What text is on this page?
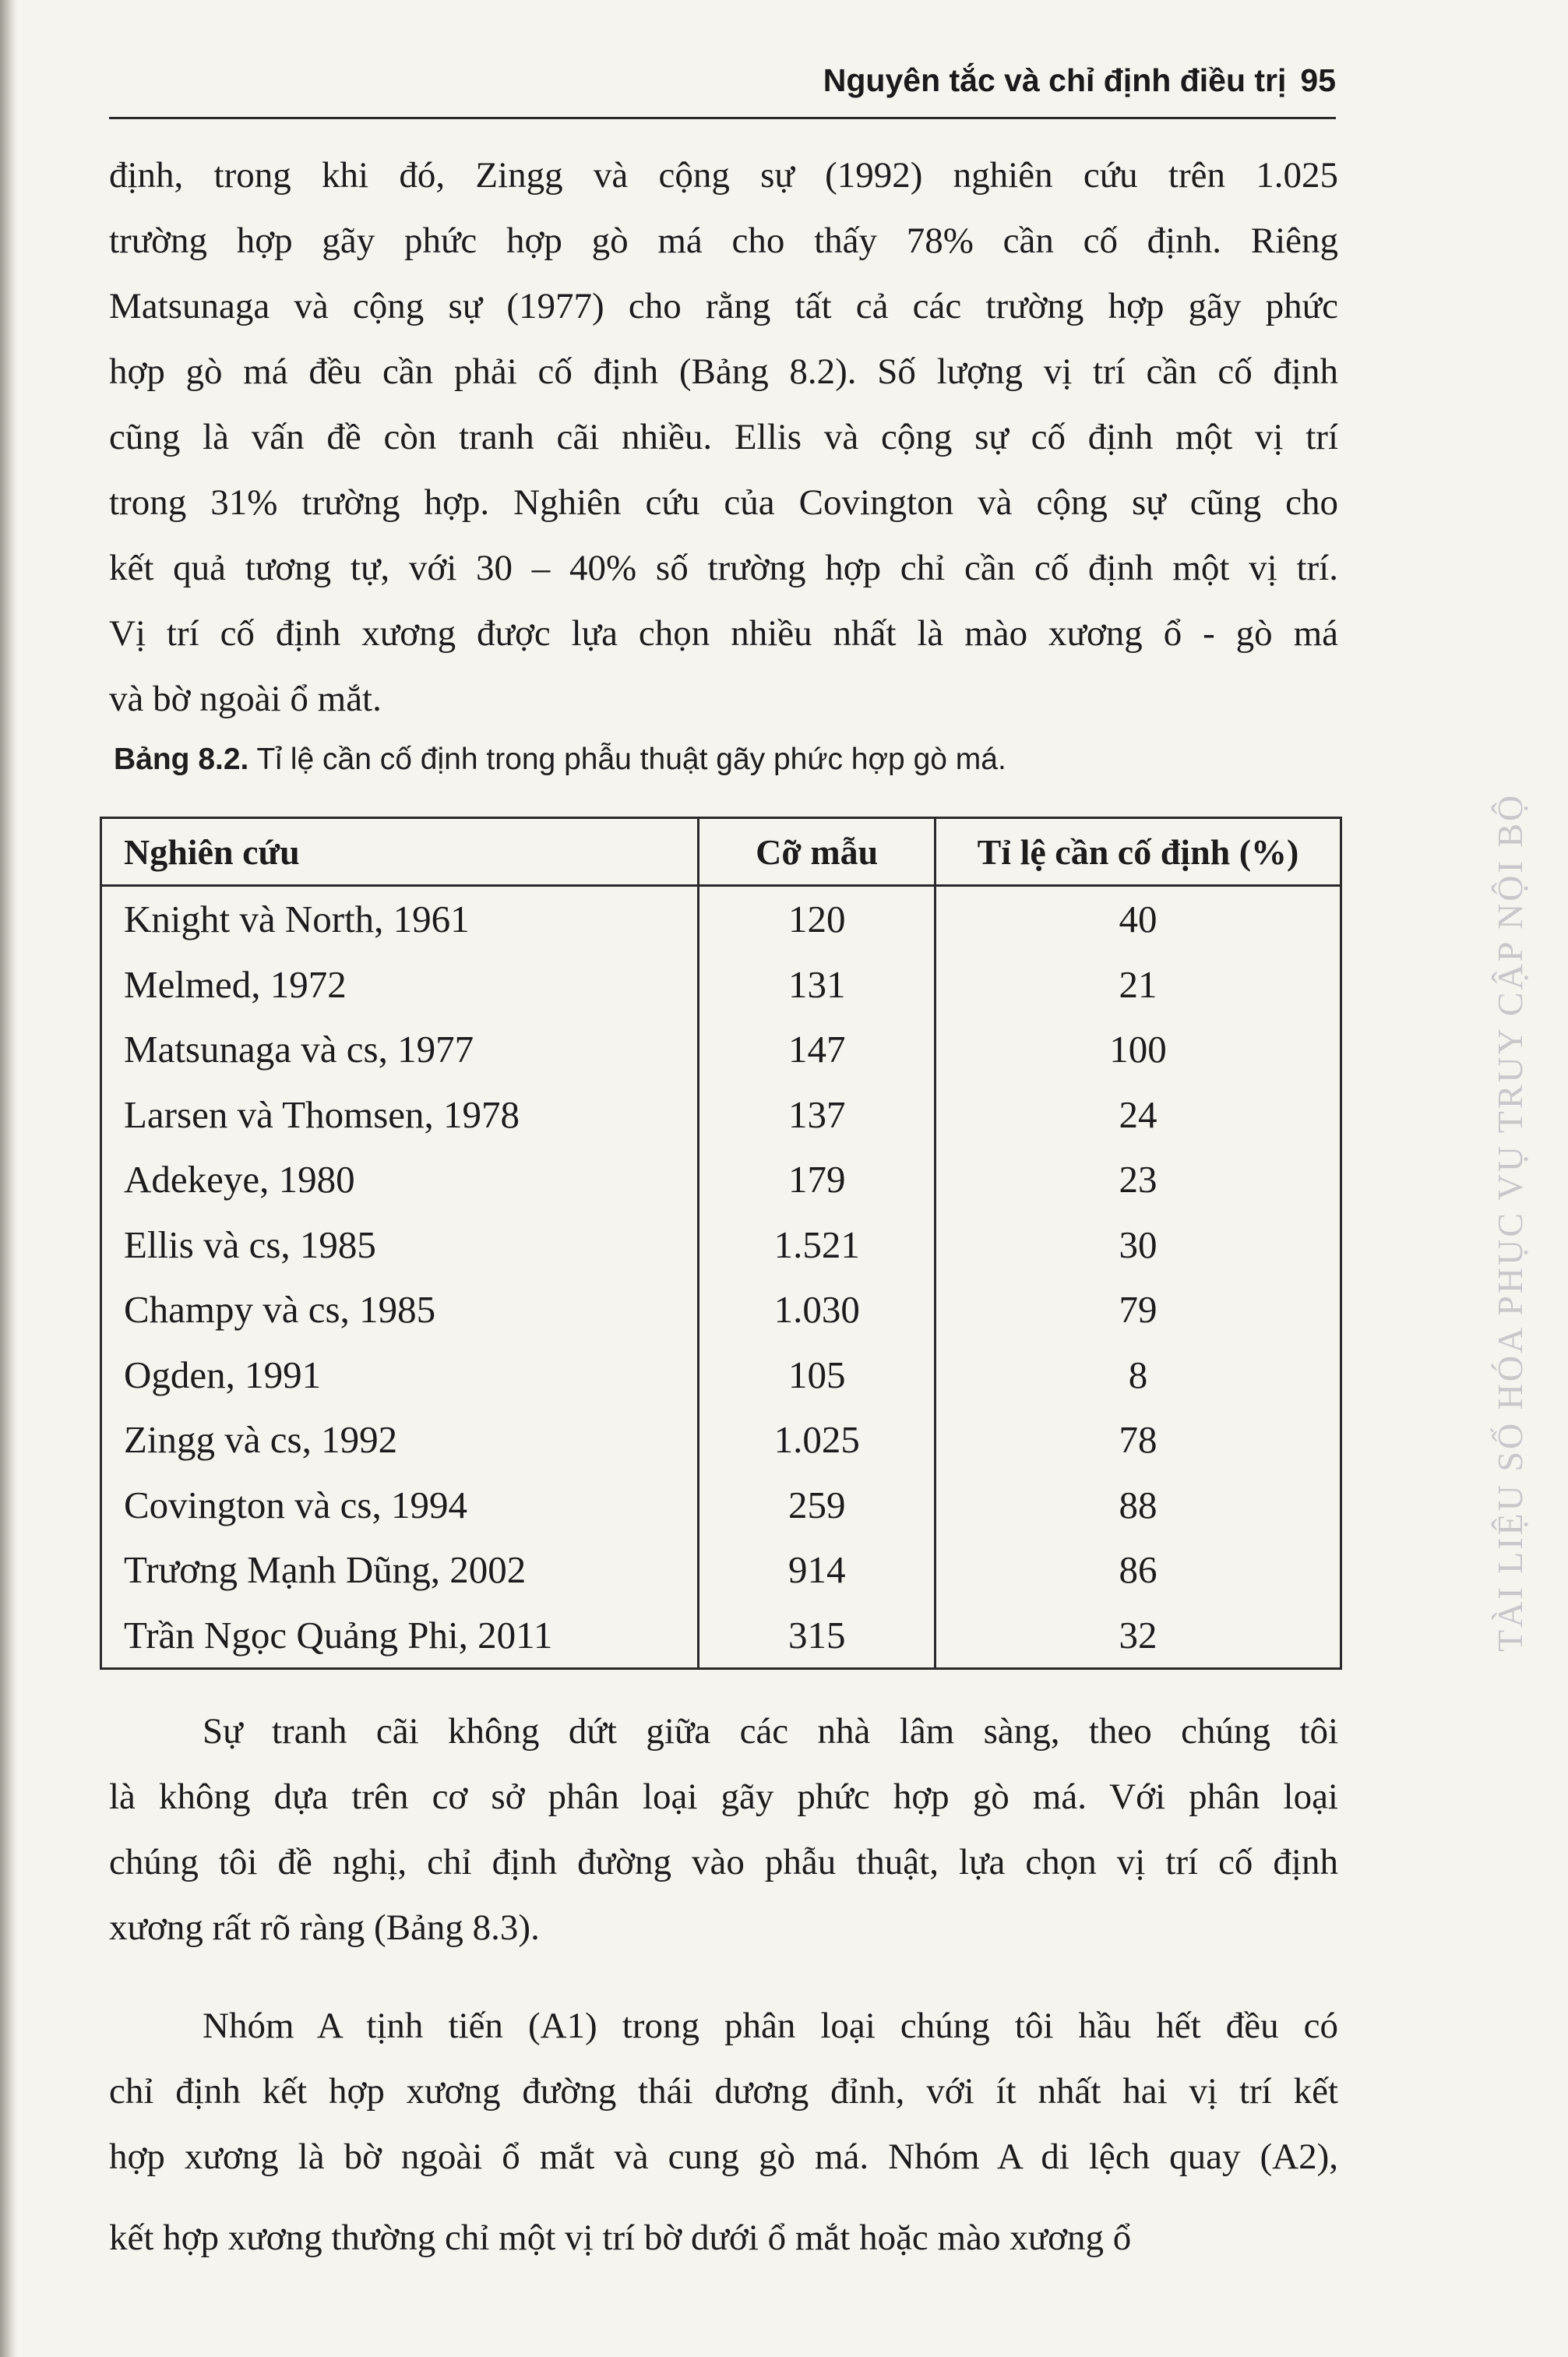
Nguyên tắc và chỉ định điều trị 95
định, trong khi đó, Zingg và cộng sự (1992) nghiên cứu trên 1.025
trường hợp gãy phức hợp gò má cho thấy 78% cần cố định. Riêng
Matsunaga và cộng sự (1977) cho rằng tất cả các trường hợp gãy phức
hợp gò má đều cần phải cố định (Bảng 8.2). Số lượng vị trí cần cố định
cũng là vấn đề còn tranh cãi nhiều. Ellis và cộng sự cố định một vị trí
trong 31% trường hợp. Nghiên cứu của Covington và cộng sự cũng cho
kết quả tương tự, với 30 – 40% số trường hợp chỉ cần cố định một vị trí.
Vị trí cố định xương được lựa chọn nhiều nhất là mào xương ổ - gò má
và bờ ngoài ổ mắt.
Bảng 8.2. Tỉ lệ cần cố định trong phẫu thuật gãy phức hợp gò má.
Nghiên cứu	Cỡ mẫu	Tỉ lệ cần cố định (%)
Knight và North, 1961	120	40
Melmed, 1972	131	21
Matsunaga và cs, 1977	147	100
Larsen và Thomsen, 1978	137	24
Adekeye, 1980	179	23
Ellis và cs, 1985	1.521	30
Champy và cs, 1985	1.030	79
Ogden, 1991	105	8
Zingg và cs, 1992	1.025	78
Covington và cs, 1994	259	88
Trương Mạnh Dũng, 2002	914	86
Trần Ngọc Quảng Phi, 2011	315	32
Sự tranh cãi không dứt giữa các nhà lâm sàng, theo chúng tôi
là không dựa trên cơ sở phân loại gãy phức hợp gò má. Với phân loại
chúng tôi đề nghị, chỉ định đường vào phẫu thuật, lựa chọn vị trí cố định
xương rất rõ ràng (Bảng 8.3).
Nhóm A tịnh tiến (A1) trong phân loại chúng tôi hầu hết đều có
chỉ định kết hợp xương đường thái dương đỉnh, với ít nhất hai vị trí kết
hợp xương là bờ ngoài ổ mắt và cung gò má. Nhóm A di lệch quay (A2),
kết hợp xương thường chỉ một vị trí bờ dưới ổ mắt hoặc mào xương ổ
TÀI LIỆU SỐ HÓA PHỤC VỤ TRUY CẬP NỘI BỘ
